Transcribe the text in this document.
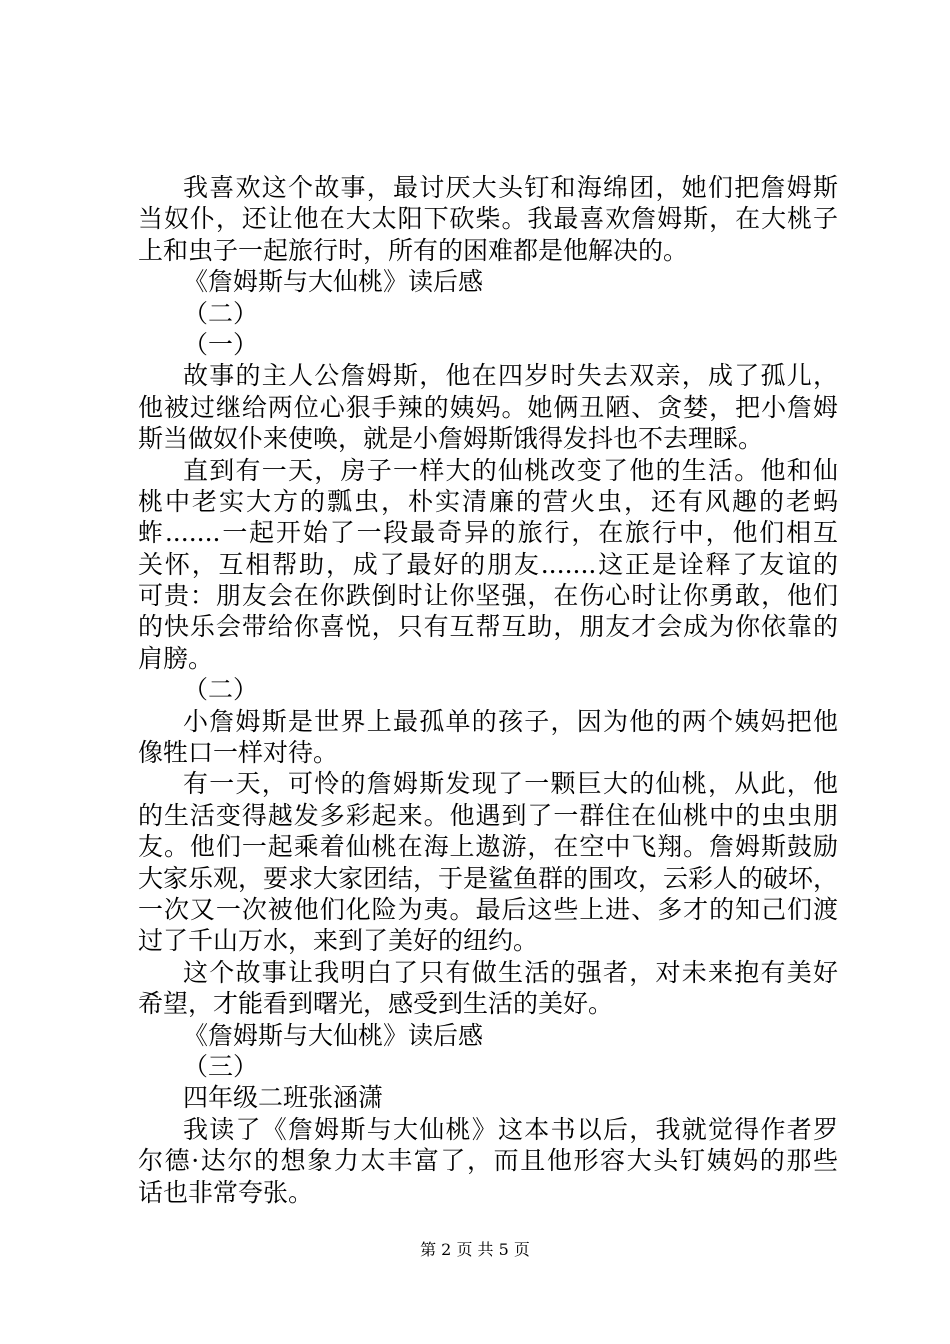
我喜欢这个故事，最讨厌大头钉和海绵团，她们把詹姆斯
当奴仆，还让他在大太阳下砍柴。我最喜欢詹姆斯，在大桃子
上和虫子一起旅行时，所有的困难都是他解决的。
《詹姆斯与大仙桃》读后感
（二）
（一）
故事的主人公詹姆斯，他在四岁时失去双亲，成了孤儿，
他被过继给两位心狠手辣的姨妈。她俩丑陋、贪婪，把小詹姆
斯当做奴仆来使唤，就是小詹姆斯饿得发抖也不去理睬。
直到有一天，房子一样大的仙桃改变了他的生活。他和仙
桃中老实大方的瓢虫，朴实清廉的营火虫，还有风趣的老蚂
蚱.......一起开始了一段最奇异的旅行，在旅行中，他们相互
关怀，互相帮助，成了最好的朋友.......这正是诠释了友谊的
可贵：朋友会在你跌倒时让你坚强，在伤心时让你勇敢，他们
的快乐会带给你喜悦，只有互帮互助，朋友才会成为你依靠的
肩膀。
（二）
小詹姆斯是世界上最孤单的孩子，因为他的两个姨妈把他
像牲口一样对待。
有一天，可怜的詹姆斯发现了一颗巨大的仙桃，从此，他
的生活变得越发多彩起来。他遇到了一群住在仙桃中的虫虫朋
友。他们一起乘着仙桃在海上遨游，在空中飞翔。詹姆斯鼓励
大家乐观，要求大家团结，于是鲨鱼群的围攻，云彩人的破坏，
一次又一次被他们化险为夷。最后这些上进、多才的知己们渡
过了千山万水，来到了美好的纽约。
这个故事让我明白了只有做生活的强者，对未来抱有美好
希望，才能看到曙光，感受到生活的美好。
《詹姆斯与大仙桃》读后感
（三）
四年级二班张涵潇
我读了《詹姆斯与大仙桃》这本书以后，我就觉得作者罗
尔德·达尔的想象力太丰富了，而且他形容大头钉姨妈的那些
话也非常夸张。
第 2 页 共 5 页
